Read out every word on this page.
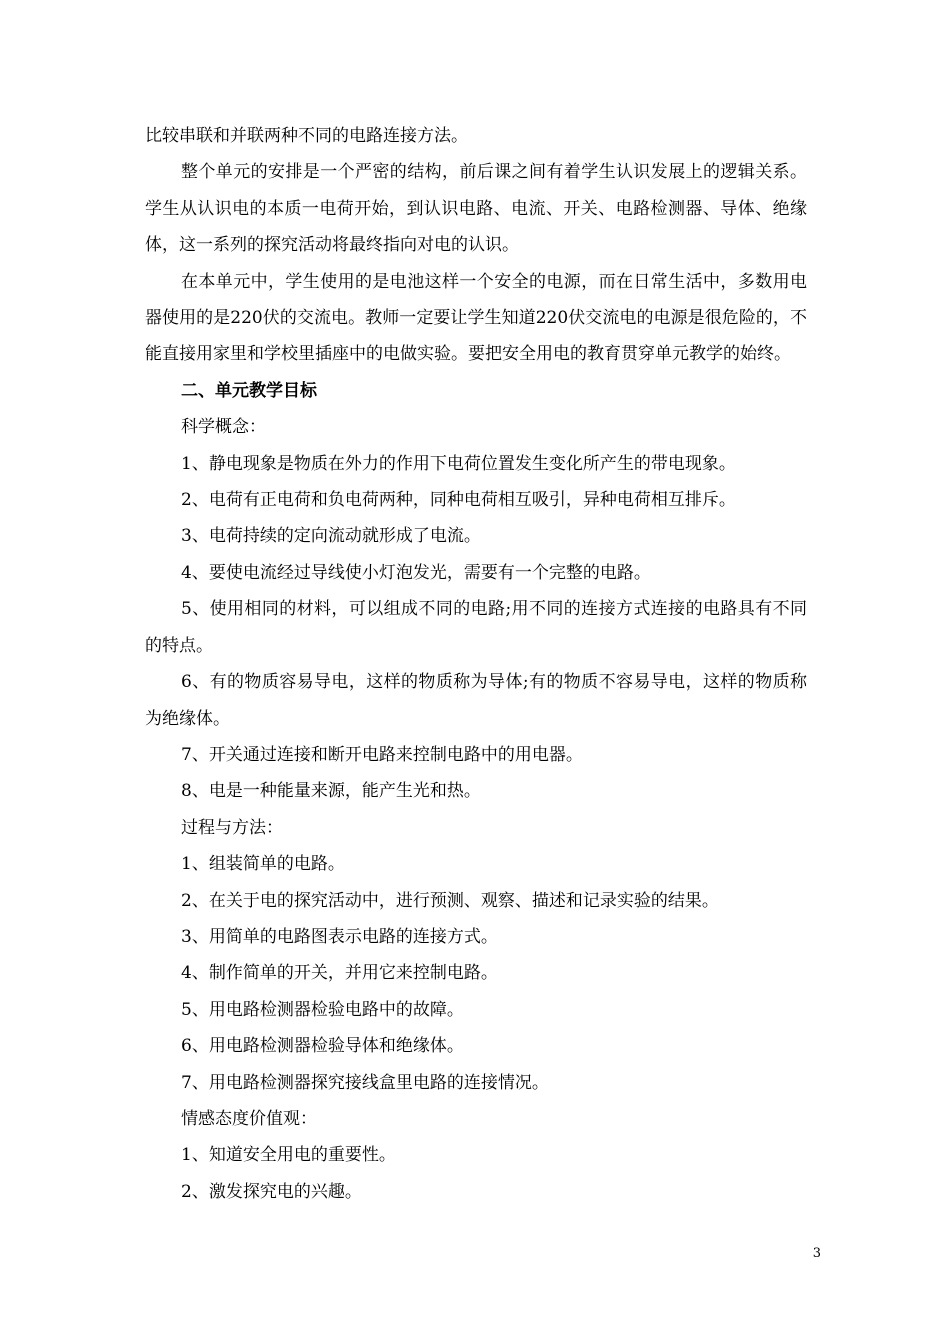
比较串联和并联两种不同的电路连接方法。

整个单元的安排是一个严密的结构，前后课之间有着学生认识发展上的逻辑关系。学生从认识电的本质一电荷开始，到认识电路、电流、开关、电路检测器、导体、绝缘体，这一系列的探究活动将最终指向对电的认识。

在本单元中，学生使用的是电池这样一个安全的电源，而在日常生活中，多数用电器使用的是220伏的交流电。教师一定要让学生知道220伏交流电的电源是很危险的，不能直接用家里和学校里插座中的电做实验。要把安全用电的教育贯穿单元教学的始终。

二、单元教学目标

科学概念：

1、静电现象是物质在外力的作用下电荷位置发生变化所产生的带电现象。

2、电荷有正电荷和负电荷两种，同种电荷相互吸引，异种电荷相互排斥。

3、电荷持续的定向流动就形成了电流。

4、要使电流经过导线使小灯泡发光，需要有一个完整的电路。

5、使用相同的材料，可以组成不同的电路;用不同的连接方式连接的电路具有不同的特点。

6、有的物质容易导电，这样的物质称为导体;有的物质不容易导电，这样的物质称为绝缘体。

7、开关通过连接和断开电路来控制电路中的用电器。

8、电是一种能量来源，能产生光和热。

过程与方法：

1、组装简单的电路。

2、在关于电的探究活动中，进行预测、观察、描述和记录实验的结果。

3、用简单的电路图表示电路的连接方式。

4、制作简单的开关，并用它来控制电路。

5、用电路检测器检验电路中的故障。

6、用电路检测器检验导体和绝缘体。

7、用电路检测器探究接线盒里电路的连接情况。

情感态度价值观：

1、知道安全用电的重要性。

2、激发探究电的兴趣。

3
